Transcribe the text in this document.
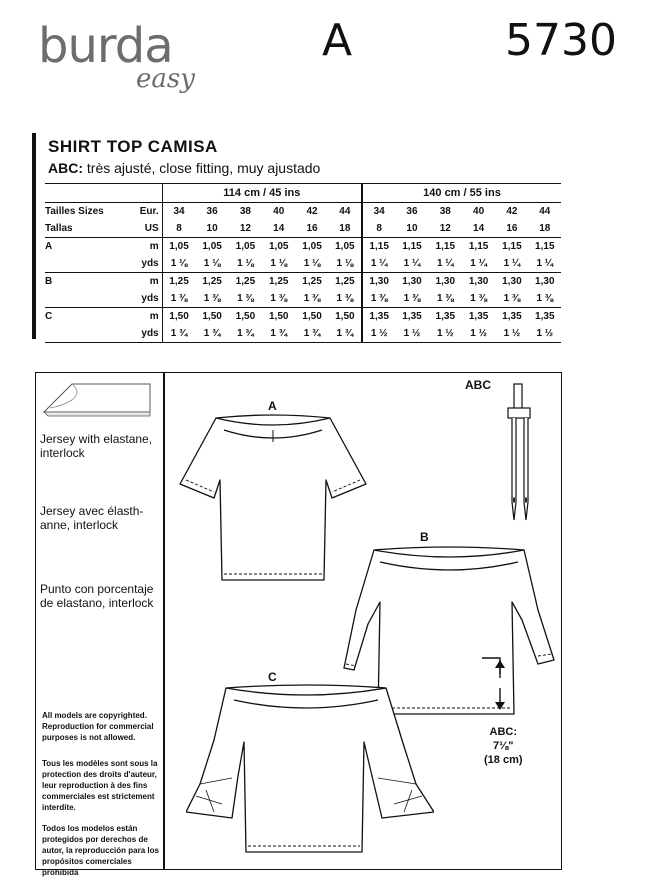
burda
easy
A	5730
SHIRT TOP CAMISA
ABC: très ajusté, close fitting, muy ajustado
		114 cm / 45 ins						140 cm / 55 ins					
Tailles Sizes	Eur.	34	36	38	40	42	44	34	36	38	40	42	44
Tallas	US	8	10	12	14	16	18	8	10	12	14	16	18
A	m	1,05	1,05	1,05	1,05	1,05	1,05	1,15	1,15	1,15	1,15	1,15	1,15
	yds	1 ⅛	1 ⅛	1 ⅛	1 ⅛	1 ⅛	1 ⅛	1 ¼	1 ¼	1 ¼	1 ¼	1 ¼	1 ¼
B	m	1,25	1,25	1,25	1,25	1,25	1,25	1,30	1,30	1,30	1,30	1,30	1,30
	yds	1 ⅜	1 ⅜	1 ⅜	1 ⅜	1 ⅜	1 ⅜	1 ⅜	1 ⅜	1 ⅜	1 ⅜	1 ⅜	1 ⅜
C	m	1,50	1,50	1,50	1,50	1,50	1,50	1,35	1,35	1,35	1,35	1,35	1,35
	yds	1 ¾	1 ¾	1 ¾	1 ¾	1 ¾	1 ¾	1 ½	1 ½	1 ½	1 ½	1 ½	1 ½
Jersey with elastane, interlock
Jersey avec élasth-anne, interlock
Punto con porcentaje de elastano, interlock
All models are copyrighted. Reproduction for commercial purposes is not allowed.
Tous les modèles sont sous la protection des droits d'auteur, leur reproduction à des fins commerciales est strictement interdite.
Todos los modelos están protegidos por derechos de autor, la reproducción para los propósitos comerciales prohibida
A
B
C
ABC
ABC:
7⅛"
(18 cm)
